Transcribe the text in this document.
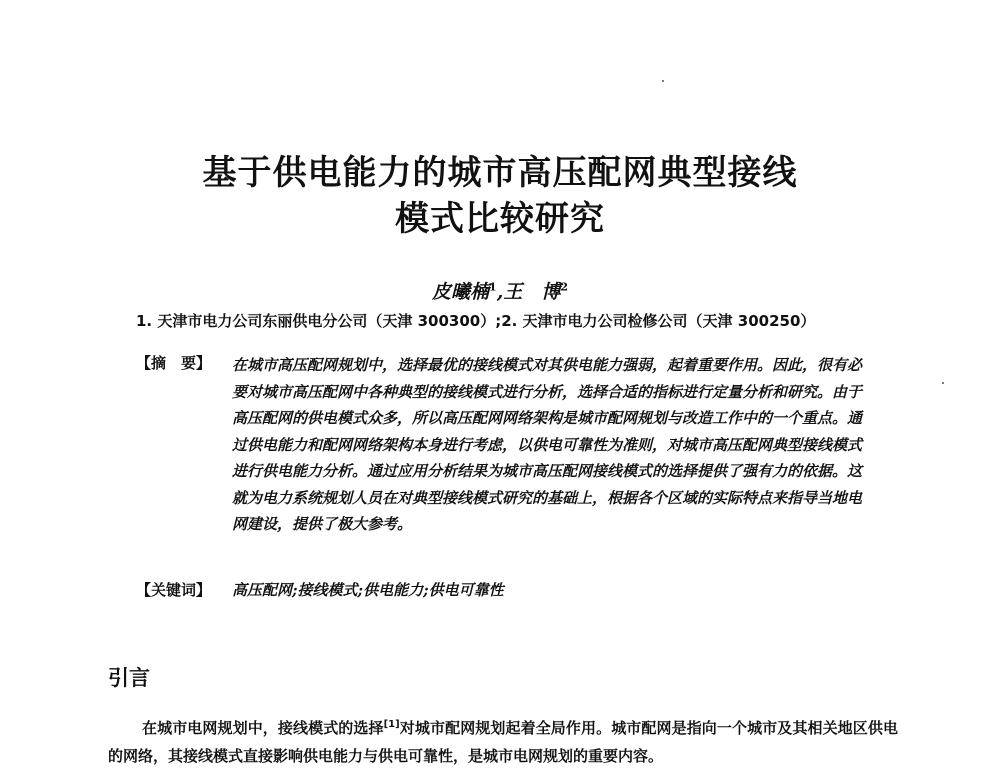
基于供电能力的城市高压配网典型接线
模式比较研究
皮曦楠$^1$,王　博$^2$
1. 天津市电力公司东丽供电分公司（天津 300300）;2. 天津市电力公司检修公司（天津 300250）
【摘　要】 在城市高压配网规划中，选择最优的接线模式对其供电能力强弱，起着重要作用。因此，很有必要对城市高压配网中各种典型的接线模式进行分析，选择合适的指标进行定量分析和研究。由于高压配网的供电模式众多，所以高压配网网络架构是城市配网规划与改造工作中的一个重点。通过供电能力和配网网络架构本身进行考虑，以供电可靠性为准则，对城市高压配网典型接线模式进行供电能力分析。通过应用分析结果为城市高压配网接线模式的选择提供了强有力的依据。这就为电力系统规划人员在对典型接线模式研究的基础上，根据各个区域的实际特点来指导当地电网建设，提供了极大参考。
【关键词】 高压配网;接线模式;供电能力;供电可靠性
引言
在城市电网规划中，接线模式的选择[1]对城市配网规划起着全局作用。城市配网是指向一个城市及其相关地区供电的网络，其接线模式直接影响供电能力与供电可靠性，是城市电网规划的重要内容。
